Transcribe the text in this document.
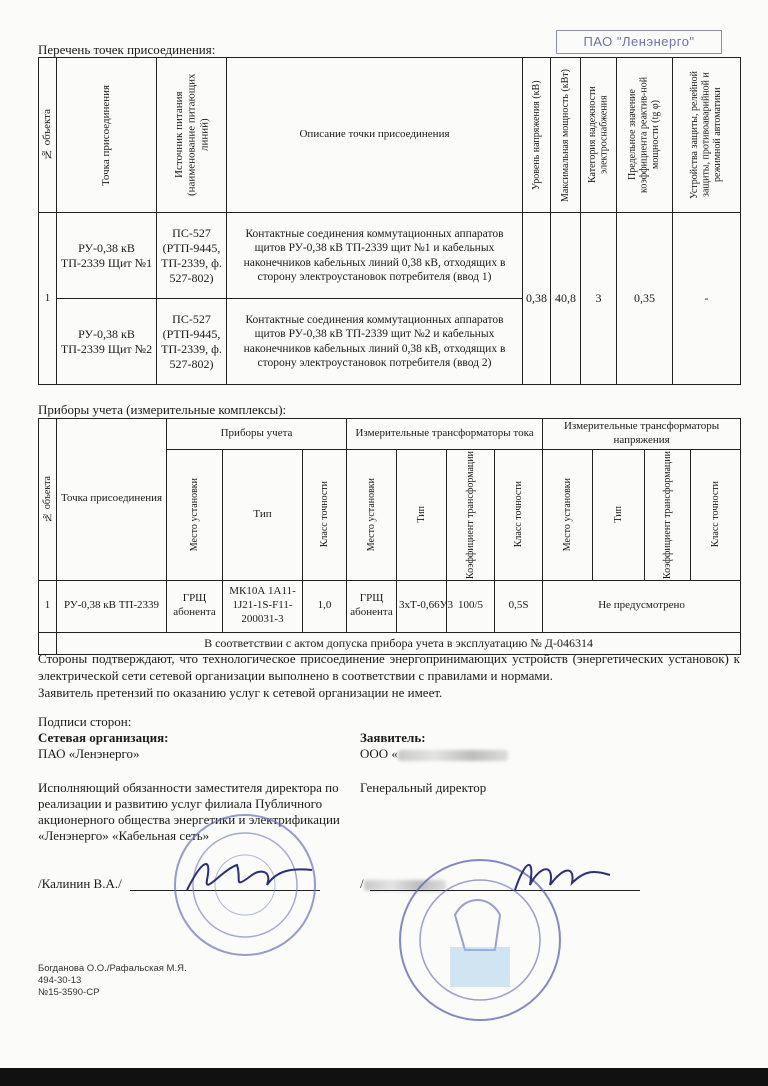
ПАО "Ленэнерго"
Перечень точек присоединения:
№ объекта	Точка присоединения	Источник питания (наименование питающих линий)	Описание точки присоединения	Уровень напряжения (кВ)	Максимальная мощность (кВт)	Категория надежности электроснабжения	Предельное значение коэффициента реактив-ной мощности (tg φ)	Устройства защиты, релейной защиты, противоаварийной и режимной автоматики

1	РУ-0,38 кВ ТП-2339 Щит №1	ПС-527 (РТП-9445, ТП-2339, ф. 527-802)	Контактные соединения коммутационных аппаратов щитов РУ-0,38 кВ ТП-2339 щит №1 и кабельных наконечников кабельных линий 0,38 кВ, отходящих в сторону электроустановок потребителя (ввод 1)	0,38	40,8	3	0,35	-
	РУ-0,38 кВ ТП-2339 Щит №2	ПС-527 (РТП-9445, ТП-2339, ф. 527-802)	Контактные соединения коммутационных аппаратов щитов РУ-0,38 кВ ТП-2339 щит №2 и кабельных наконечников кабельных линий 0,38 кВ, отходящих в сторону электроустановок потребителя (ввод 2)					
Приборы учета (измерительные комплексы):
№ объекта	Точка присоединения	Приборы учета			Измерительные трансформаторы тока				Измерительные трансформаторы напряжения			

		Место установки	Тип	Класс точности	Место установки	Тип	Коэффициент трансформации	Класс точности	Место установки	Тип	Коэффициент трансформации	Класс точности

1	РУ-0,38 кВ ТП-2339	ГРЩ абонента	МК10А 1А11-1J21-1S-F11-200031-3	1,0	ГРЩ абонента	3хТ-0,66У3	100/5	0,5S	Не предусмотрено			
	В соответствии с актом допуска прибора учета в эксплуатацию № Д-046314											
Стороны подтверждают, что технологическое присоединение энергопринимающих устройств (энергетических установок) к электрической сети сетевой организации выполнено в соответствии с правилами и нормами.
Заявитель претензий по оказанию услуг к сетевой организации не имеет.
Подписи сторон:
Сетевая организация:
ПАО «Ленэнерго»
Исполняющий обязанности заместителя директора по реализации и развитию услуг филиала Публичного акционерного общества энергетики и электрификации «Ленэнерго» «Кабельная сеть»
/Калинин В.А./
Заявитель:
ООО «
Генеральный директор
/
Богданова О.О./Рафальская М.Я.
494-30-13
№15-3590-СР
